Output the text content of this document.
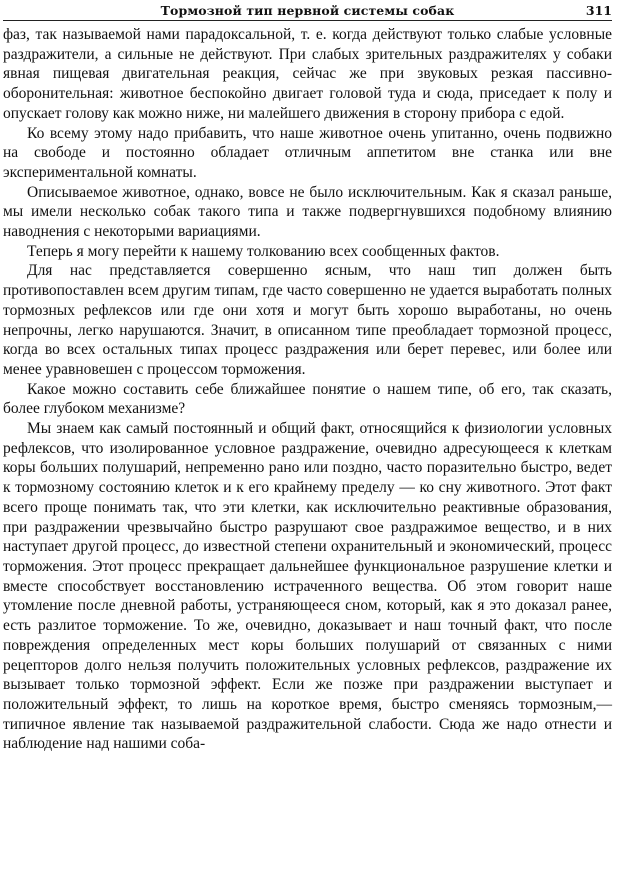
Тормозной тип нервной системы собак	311

фаз, так называемой нами парадоксальной, т. е. когда действуют только слабые условные раздражители, а сильные не действуют. При слабых зрительных раздражителях у собаки явная пищевая двигательная реакция, сейчас же при звуковых резкая пассивно-оборонительная: животное беспокойно двигает головой туда и сюда, приседает к полу и опускает голову как можно ниже, ни малейшего движения в сторону прибора с едой.

Ко всему этому надо прибавить, что наше животное очень упитанно, очень подвижно на свободе и постоянно обладает отличным аппетитом вне станка или вне экспериментальной комнаты.

Описываемое животное, однако, вовсе не было исключительным. Как я сказал раньше, мы имели несколько собак такого типа и также подвергнувшихся подобному влиянию наводнения с некоторыми вариациями.

Теперь я могу перейти к нашему толкованию всех сообщенных фактов.

Для нас представляется совершенно ясным, что наш тип должен быть противопоставлен всем другим типам, где часто совершенно не удается выработать полных тормозных рефлексов или где они хотя и могут быть хорошо выработаны, но очень непрочны, легко нарушаются. Значит, в описанном типе преобладает тормозной процесс, когда во всех остальных типах процесс раздражения или берет перевес, или более или менее уравновешен с процессом торможения.

Какое можно составить себе ближайшее понятие о нашем типе, об его, так сказать, более глубоком механизме?

Мы знаем как самый постоянный и общий факт, относящийся к физиологии условных рефлексов, что изолированное условное раздражение, очевидно адресующееся к клеткам коры больших полушарий, непременно рано или поздно, часто поразительно быстро, ведет к тормозному состоянию клеток и к его крайнему пределу — ко сну животного. Этот факт всего проще понимать так, что эти клетки, как исключительно реактивные образования, при раздражении чрезвычайно быстро разрушают свое раздражимое вещество, и в них наступает другой процесс, до известной степени охранительный и экономический, процесс торможения. Этот процесс прекращает дальнейшее функциональное разрушение клетки и вместе способствует восстановлению истраченного вещества. Об этом говорит наше утомление после дневной работы, устраняющееся сном, который, как я это доказал ранее, есть разлитое торможение. То же, очевидно, доказывает и наш точный факт, что после повреждения определенных мест коры больших полушарий от связанных с ними рецепторов долго нельзя получить положительных условных рефлексов, раздражение их вызывает только тормозной эффект. Если же позже при раздражении выступает и положительный эффект, то лишь на короткое время, быстро сменяясь тормозным,— типичное явление так называемой раздражительной слабости. Сюда же надо отнести и наблюдение над нашими соба-
